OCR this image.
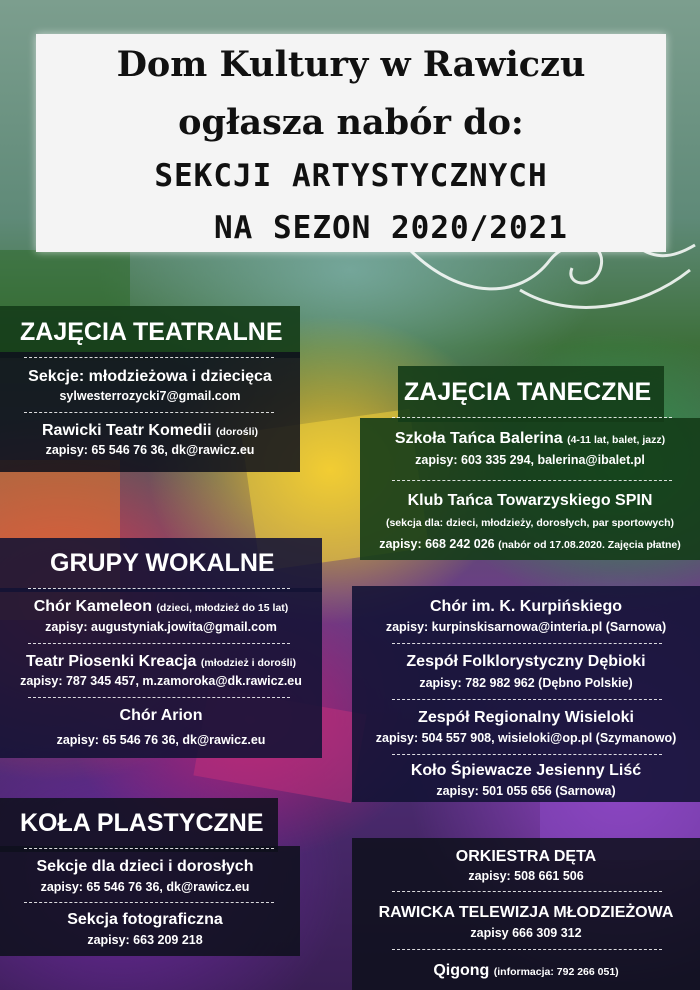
Dom Kultury w Rawiczu
ogłasza nabór do:
SEKCJI ARTYSTYCZNYCH
NA SEZON 2020/2021
ZAJĘCIA TEATRALNE
Sekcje: młodzieżowa i dziecięca
sylwesterrozycki7@gmail.com
Rawicki Teatr Komedii (dorośli)
zapisy: 65 546 76 36, dk@rawicz.eu
ZAJĘCIA TANECZNE
Szkoła Tańca Balerina (4-11 lat, balet, jazz)
zapisy: 603 335 294, balerina@ibalet.pl
Klub Tańca Towarzyskiego SPIN
(sekcja dla: dzieci, młodzieży, dorosłych, par sportowych)
zapisy: 668 242 026 (nabór od 17.08.2020. Zajęcia płatne)
GRUPY WOKALNE
Chór Kameleon (dzieci, młodzież do 15 lat)
zapisy: augustyniak.jowita@gmail.com
Teatr Piosenki Kreacja (młodzież i dorośli)
zapisy: 787 345 457, m.zamoroka@dk.rawicz.eu
Chór Arion
zapisy: 65 546 76 36, dk@rawicz.eu
Chór im. K. Kurpińskiego
zapisy: kurpinskisarnowa@interia.pl (Sarnowa)
Zespół Folklorystyczny Dębioki
zapisy: 782 982 962 (Dębno Polskie)
Zespół Regionalny Wisieloki
zapisy: 504 557 908, wisieloki@op.pl (Szymanowo)
Koło Śpiewacze Jesienny Liść
zapisy: 501 055 656 (Sarnowa)
KOŁA PLASTYCZNE
Sekcje dla dzieci i dorosłych
zapisy: 65 546 76 36, dk@rawicz.eu
Sekcja fotograficzna
zapisy: 663 209 218
ORKIESTRA DĘTA
zapisy: 508 661 506
RAWICKA TELEWIZJA MŁODZIEŻOWA
zapisy 666 309 312
Qigong (informacja: 792 266 051)
